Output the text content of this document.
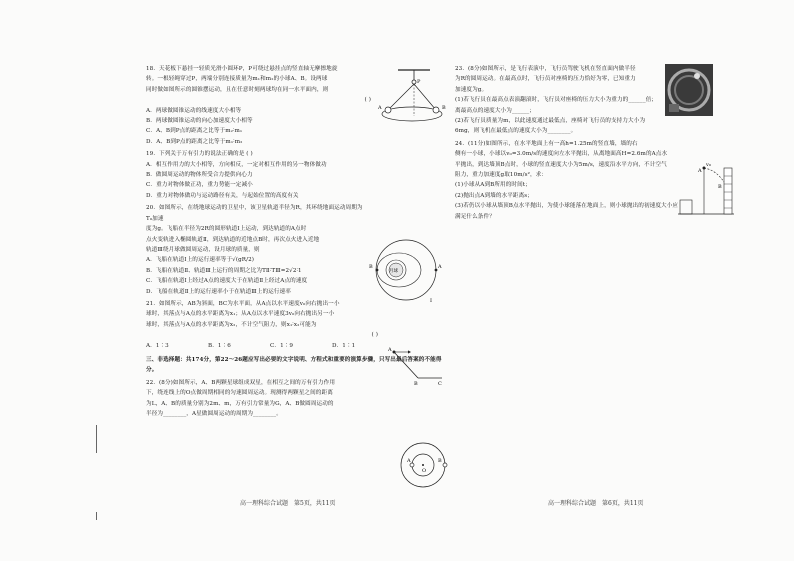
18．天花板下悬挂一轻质光滑小圆环P，P可绕过悬挂点的竖直轴无摩擦地旋

转。一根轻绳穿过P，两端分别连接质量为m₁和m₂的小球A、B。设两球

同时做如图所示的圆锥摆运动，且在任意时刻两球均在同一水平面内，则

( )

A．两球做圆锥运动的线速度大小相等

B．两球做圆锥运动的向心加速度大小相等

C．A、B到P点的距离之比等于m₂∶m₁

D．A、B到P点的距离之比等于m₁∶m₂

19．下列关于万有引力的说法正确的是 ( )

A．相互作用力的大小相等，方向相反，一定对相互作用的另一物体做功

B．做圆周运动的物体所受合力提供向心力

C．重力对物体做正功，重力势能一定减小

D．重力对物体做功与运动路径有关，与起始位置的高度有关

20．如图所示，在绕地球运动的卫星中，该卫星轨道半径为R，其环绕地面运动周期为T₀加速

度为g。飞船在半径为2R的圆形轨道Ⅰ上运动，到达轨道的A点时

点火变轨进入椭圆轨道Ⅱ，到达轨道的近地点B时，再次点火进入近地

轨道Ⅲ绕月球做圆周运动，设月球的质量，则

A．飞船在轨道Ⅰ上的运行速率等于√(gR/2)

B．飞船在轨道Ⅱ、轨道Ⅲ上运行的周期之比为TⅡ∶TⅢ=2√2∶1

C．飞船在轨道Ⅰ上经过A点的速度大于在轨道Ⅱ上经过A点的速度

D．飞船在轨道Ⅱ上的运行速率小于在轨道Ⅲ上的运行速率

21．如图所示，AB为斜面，BC为水平面，从A点以水平速度v₀向右抛出一小

球时，其落点与A点的水平距离为x₁；从A点以水平速度3v₀向右抛出另一小

球时，其落点与A点的水平距离为x₂，不计空气阻力，则x₁∶x₂可能为

( )

A．1∶3	B．1∶6	C．1∶9	D．1∶1

三、非选择题：共174分，第22～26题应写出必要的文字说明、方程式和重要的演算步骤，只写出最后答案的不能得分。

22．(8分)如图所示，A、B两颗星球组成双星，在相互之间的万有引力作用

下，绕连线上的O点做周期相同的匀速圆周运动。现测得两颗星之间的距离

为L，A、B的质量分别为2m、m，万有引力常量为G，A、B做圆周运动的

半径为________，A星做圆周运动的周期为________。

P
A	B
月球
A
B
Ⅰ
A
B	C
A	B
O
高一理科综合试题　第5页，共11页

23．(8分)如图所示，是飞行表演中，飞行员驾驶飞机在竖直面内做半径

为R的圆周运动。在最高点时，飞行员对座椅的压力恰好为零，已知重力

加速度为g。

(1)若飞行员在最高点表演翻滚时，飞行员对座椅的压力大小为重力的______倍；

离最高点的速度大小为______；

(2)若飞行员质量为m，以此速度通过最低点，座椅对飞行员的支持力大小为

6mg，则飞机在最低点的速度大小为________。

24．(11分)如图所示，在水平地面上有一高h=1.25m的竖直墙，墙的右

侧有一小球，小球以v₀=3.0m/s的速度向左水平抛出，从离地面高H=2.6m的A点水

平抛出，到达墙顶B点时，小球的竖直速度大小为5m/s，速度沿水平方向，不计空气

阻力，重力加速度g取10m/s²，求：

(1)小球从A到B所用的时间t；

(2)抛出点A到墙的水平距离s；

(3)若仍以小球从墙顶B点水平抛出，为使小球能落在地面上，则小球抛出的初速度大小应

满足什么条件？

v₀
A
B
高一理科综合试题　第6页，共11页
